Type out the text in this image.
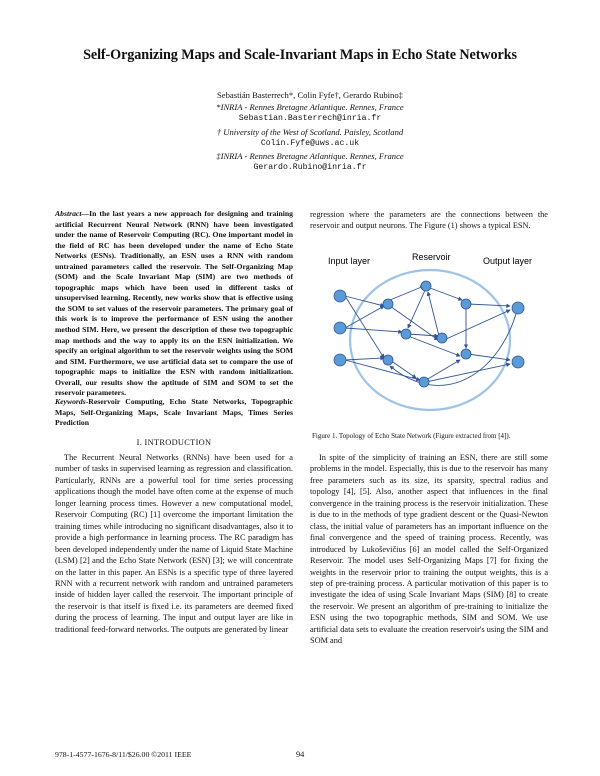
Self-Organizing Maps and Scale-Invariant Maps in Echo State Networks
Sebastián Basterrech*, Colin Fyfe†, Gerardo Rubino‡
*INRIA - Rennes Bretagne Atlantique. Rennes, France
Sebastian.Basterrech@inria.fr
† University of the West of Scotland. Paisley, Scotland
Colin.Fyfe@uws.ac.uk
‡INRIA - Rennes Bretagne Atlantique. Rennes, France
Gerardo.Rubino@inria.fr

Abstract—In the last years a new approach for designing and training artificial Recurrent Neural Network (RNN) have been investigated under the name of Reservoir Computing (RC). One important model in the field of RC has been developed under the name of Echo State Networks (ESNs). Traditionally, an ESN uses a RNN with random untrained parameters called the reservoir. The Self-Organizing Map (SOM) and the Scale Invariant Map (SIM) are two methods of topographic maps which have been used in different tasks of unsupervised learning. Recently, new works show that is effective using the SOM to set values of the reservoir parameters. The primary goal of this work is to improve the performance of ESN using the another method SIM. Here, we present the description of these two topographic map methods and the way to apply its on the ESN initialization. We specify an original algorithm to set the reservoir weights using the SOM and SIM. Furthermore, we use artificial data set to compare the use of topographic maps to initialize the ESN with random initialization. Overall, our results show the aptitude of SIM and SOM to set the reservoir parameters.

Keywords-Reservoir Computing, Echo State Networks, Topographic Maps, Self-Organizing Maps, Scale Invariant Maps, Times Series Prediction

I. INTRODUCTION

The Recurrent Neural Networks (RNNs) have been used for a number of tasks in supervised learning as regression and classification. Particularly, RNNs are a powerful tool for time series processing applications though the model have often come at the expense of much longer learning process times. However a new computational model, Reservoir Computing (RC) [1] overcome the important limitation the training times while introducing no significant disadvantages, also it to provide a high performance in learning process. The RC paradigm has been developed independently under the name of Liquid State Machine (LSM) [2] and the Echo State Network (ESN) [3]; we will concentrate on the latter in this paper. An ESNs is a specific type of three layered RNN with a recurrent network with random and untrained parameters inside of hidden layer called the reservoir. The important principle of the reservoir is that itself is fixed i.e. its parameters are deemed fixed during the process of learning. The input and output layer are like in traditional feed-forward networks. The outputs are generated by linear

regression where the parameters are the connections between the reservoir and output neurons. The Figure (1) shows a typical ESN.

Input layer	Reservoir	Output layer
Figure 1. Topology of Echo State Network (Figure extracted from [4]).

In spite of the simplicity of training an ESN, there are still some problems in the model. Especially, this is due to the reservoir has many free parameters such as its size, its sparsity, spectral radius and topology [4], [5]. Also, another aspect that influences in the final convergence in the training process is the reservoir initialization. These is due to in the methods of type gradient descent or the Quasi-Newton class, the initial value of parameters has an important influence on the final convergence and the speed of training process. Recently, was introduced by Lukoševičius [6] an model called the Self-Organized Reservoir. The model uses Self-Organizing Maps [7] for fixing the weights in the reservoir prior to training the output weights, this is a step of pre-training process. A particular motivation of this paper is to investigate the idea of using Scale Invariant Maps (SIM) [8] to create the reservoir. We present an algorithm of pre-training to initialize the ESN using the two topographic methods, SIM and SOM. We use artificial data sets to evaluate the creation reservoir's using the SIM and SOM and

978-1-4577-1676-8/11/$26.00 ©2011 IEEE	94
